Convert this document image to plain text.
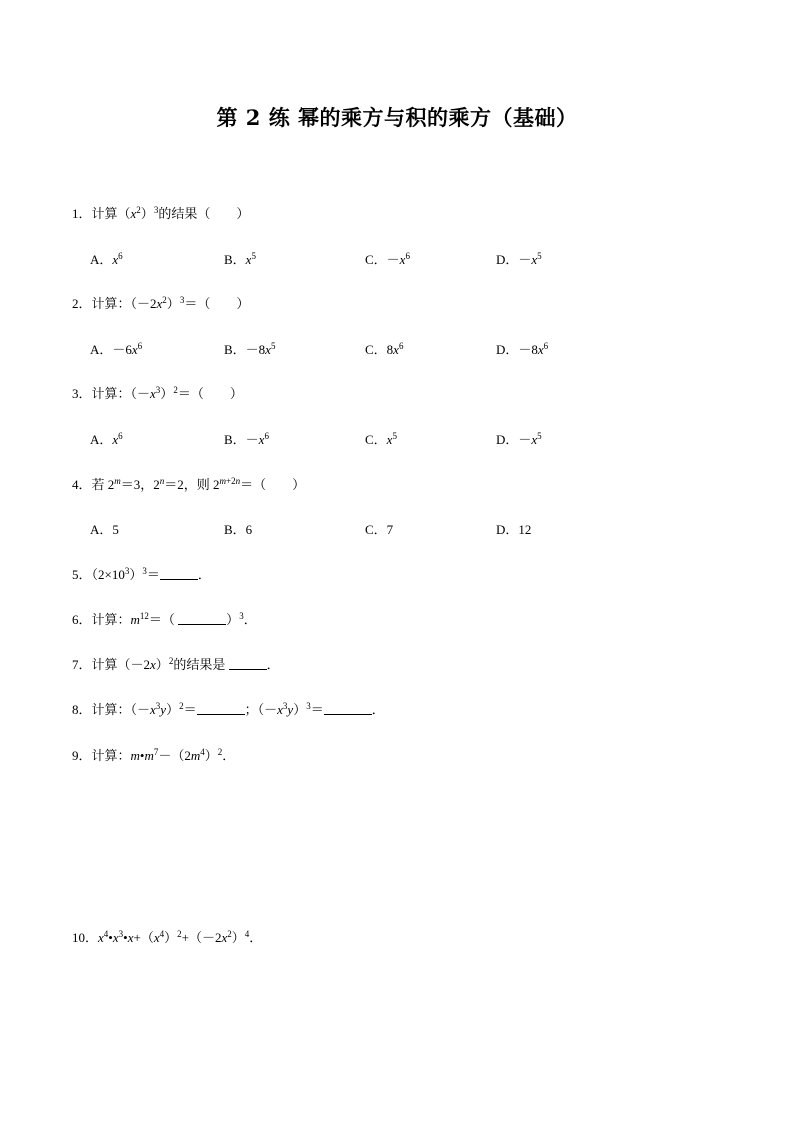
第 2 练 幂的乘方与积的乘方（基础）
1．计算$(x^2)^3$的结果（　　）
A．$x^6$	B．$x^5$	C．$-x^6$	D．$-x^5$
2．计算：$(-2x^2)^3=$（　　）
A．$-6x^6$	B．$-8x^5$	C．$8x^6$	D．$-8x^6$
3．计算：$(-x^3)^2=$（　　）
A．$x^6$	B．$-x^6$	C．$x^5$	D．$-x^5$
4．若 $2^m=3$，$2^n=2$，则 $2^{m+2n}=$（　　）
A．5	B．6	C．7	D．12
5．$(2\times 10^3)^3=$	．
6．计算：$m^{12}=$（	）$^3$．
7．计算$(-2x)^2$的结果是	．
8．计算：$(-x^3y)^2=$	；$(-x^3y)^3=$	．
9．计算：$m•m^7-(2m^4)^2$．
10．$x^4•x^3•x+(x^4)^2+(-2x^2)^4$．
